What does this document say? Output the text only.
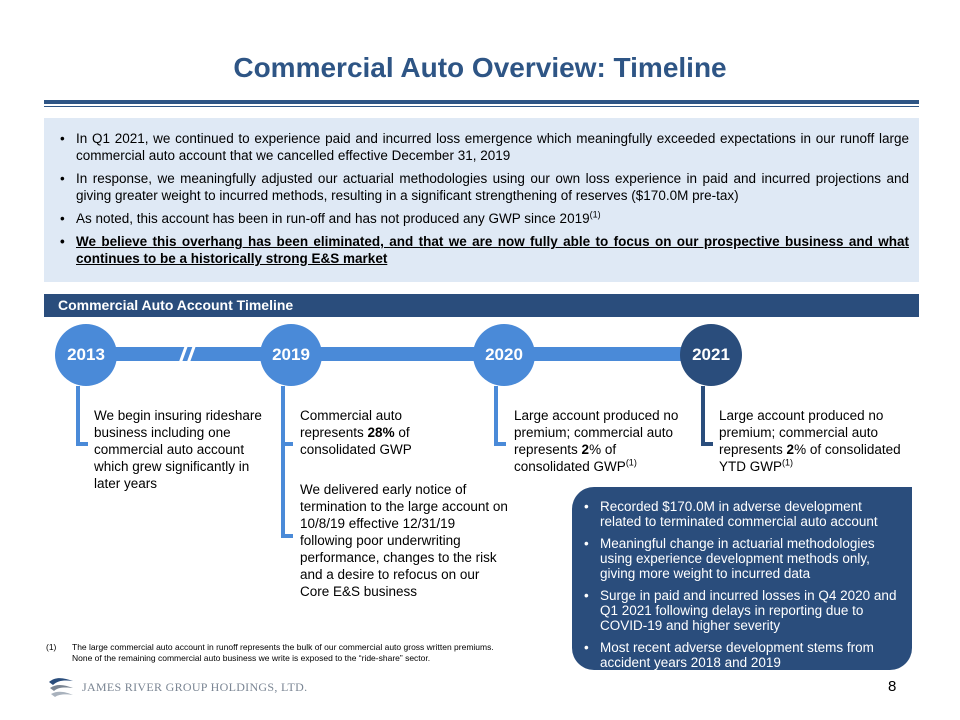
Commercial Auto Overview: Timeline
• In Q1 2021, we continued to experience paid and incurred loss emergence which meaningfully exceeded expectations in our runoff large commercial auto account that we cancelled effective December 31, 2019
• In response, we meaningfully adjusted our actuarial methodologies using our own loss experience in paid and incurred projections and giving greater weight to incurred methods, resulting in a significant strengthening of reserves ($170.0M pre-tax)
• As noted, this account has been in run-off and has not produced any GWP since 2019$^{(1)}$
• We believe this overhang has been eliminated, and that we are now fully able to focus on our prospective business and what continues to be a historically strong E&S market
Commercial Auto Account Timeline
2013	2019	2020	2021
We begin insuring rideshare business including one commercial auto account which grew significantly in later years
Commercial auto represents 28% of consolidated GWP
We delivered early notice of termination to the large account on 10/8/19 effective 12/31/19 following poor underwriting performance, changes to the risk and a desire to refocus on our Core E&S business
Large account produced no premium; commercial auto represents 2% of consolidated GWP$^{(1)}$
Large account produced no premium; commercial auto represents 2% of consolidated YTD GWP$^{(1)}$
• Recorded $170.0M in adverse development related to terminated commercial auto account
• Meaningful change in actuarial methodologies using experience development methods only, giving more weight to incurred data
• Surge in paid and incurred losses in Q4 2020 and Q1 2021 following delays in reporting due to COVID-19 and higher severity
• Most recent adverse development stems from accident years 2018 and 2019
(1) The large commercial auto account in runoff represents the bulk of our commercial auto gross written premiums.
None of the remaining commercial auto business we write is exposed to the “ride-share” sector.
JAMES RIVER GROUP HOLDINGS, LTD.	8
